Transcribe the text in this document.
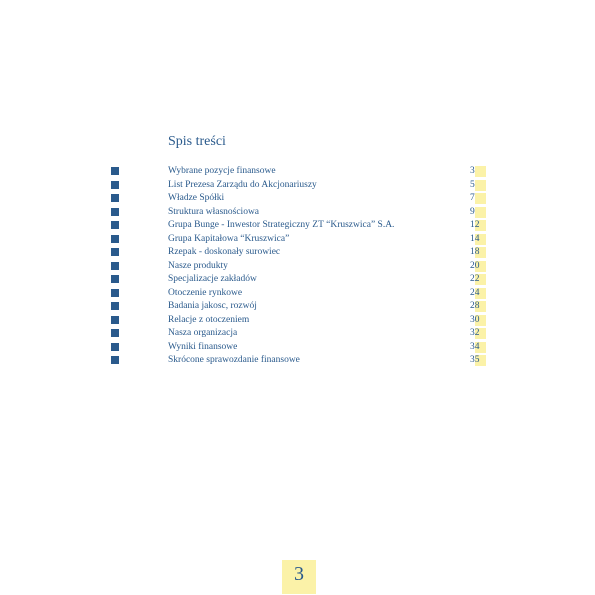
Spis treści
Wybrane pozycje finansowe	3
List Prezesa Zarządu do Akcjonariuszy	5
Władze Spółki	7
Struktura własnościowa	9
Grupa Bunge - Inwestor Strategiczny ZT “Kruszwica” S.A.	12
Grupa Kapitałowa “Kruszwica”	14
Rzepak - doskonały surowiec	18
Nasze produkty	20
Specjalizacje zakładów	22
Otoczenie rynkowe	24
Badania jakosc, rozwój	28
Relacje z otoczeniem	30
Nasza organizacja	32
Wyniki finansowe	34
Skrócone sprawozdanie finansowe	35
3
